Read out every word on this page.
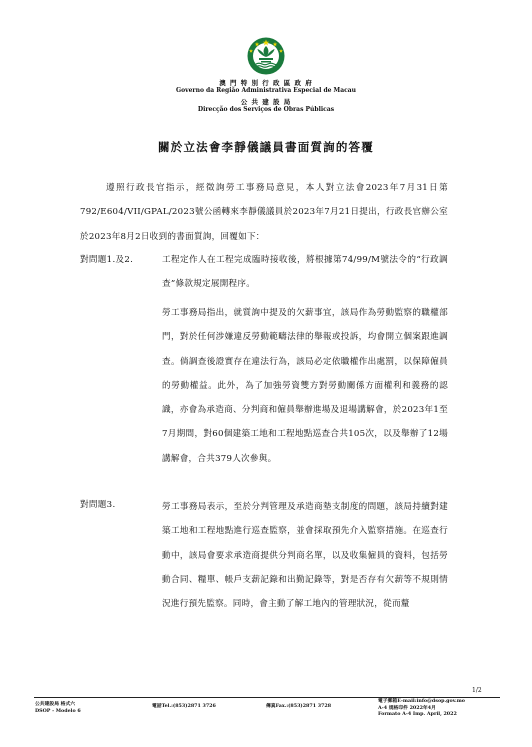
澳 門 特 別 行 政 區 政 府
Governo da Região Administrativa Especial de Macau
公 共 建 設 局
Direcção dos Serviços de Obras Públicas
關於立法會李靜儀議員書面質詢的答覆
遵照行政長官指示，經徵詢勞工事務局意見，本人對立法會2023年7月31日第792/E604/VII/GPAL/2023號公函轉來李靜儀議員於2023年7月21日提出，行政長官辦公室於2023年8月2日收到的書面質詢，回覆如下：
對問題1.及2.	工程定作人在工程完成臨時接收後，將根據第74/99/M號法令的“行政調查”條款規定展開程序。
勞工事務局指出，就質詢中提及的欠薪事宜，該局作為勞動監察的職權部門，對於任何涉嫌違反勞動範疇法律的舉報或投訴，均會開立個案跟進調查。倘調查後證實存在違法行為，該局必定依職權作出處罰，以保障僱員的勞動權益。此外，為了加強勞資雙方對勞動關係方面權利和義務的認識，亦會為承造商、分判商和僱員舉辦進場及退場講解會，於2023年1至7月期間，對60個建築工地和工程地點巡查合共105次，以及舉辦了12場講解會，合共379人次參與。
對問題3.	勞工事務局表示，至於分判管理及承造商墊支制度的問題，該局持續對建築工地和工程地點進行巡查監察，並會採取預先介入監察措施。在巡查行動中，該局會要求承造商提供分判商名單，以及收集僱員的資料，包括勞動合同、糧單、帳戶支薪記錄和出勤記錄等，對是否存有欠薪等不規則情況進行預先監察。同時，會主動了解工地內的管理狀況，從而釐
1/2
公共建設局 格式六
DSOP - Modelo 6
電話Tel.:(853)2871 3726	傳真Fax.:(853)2871 3728
電子郵箱E-mail:info@dsop.gov.mo
A-4 規格印件 2022年4月
Formato A-4 Imp. April, 2022
